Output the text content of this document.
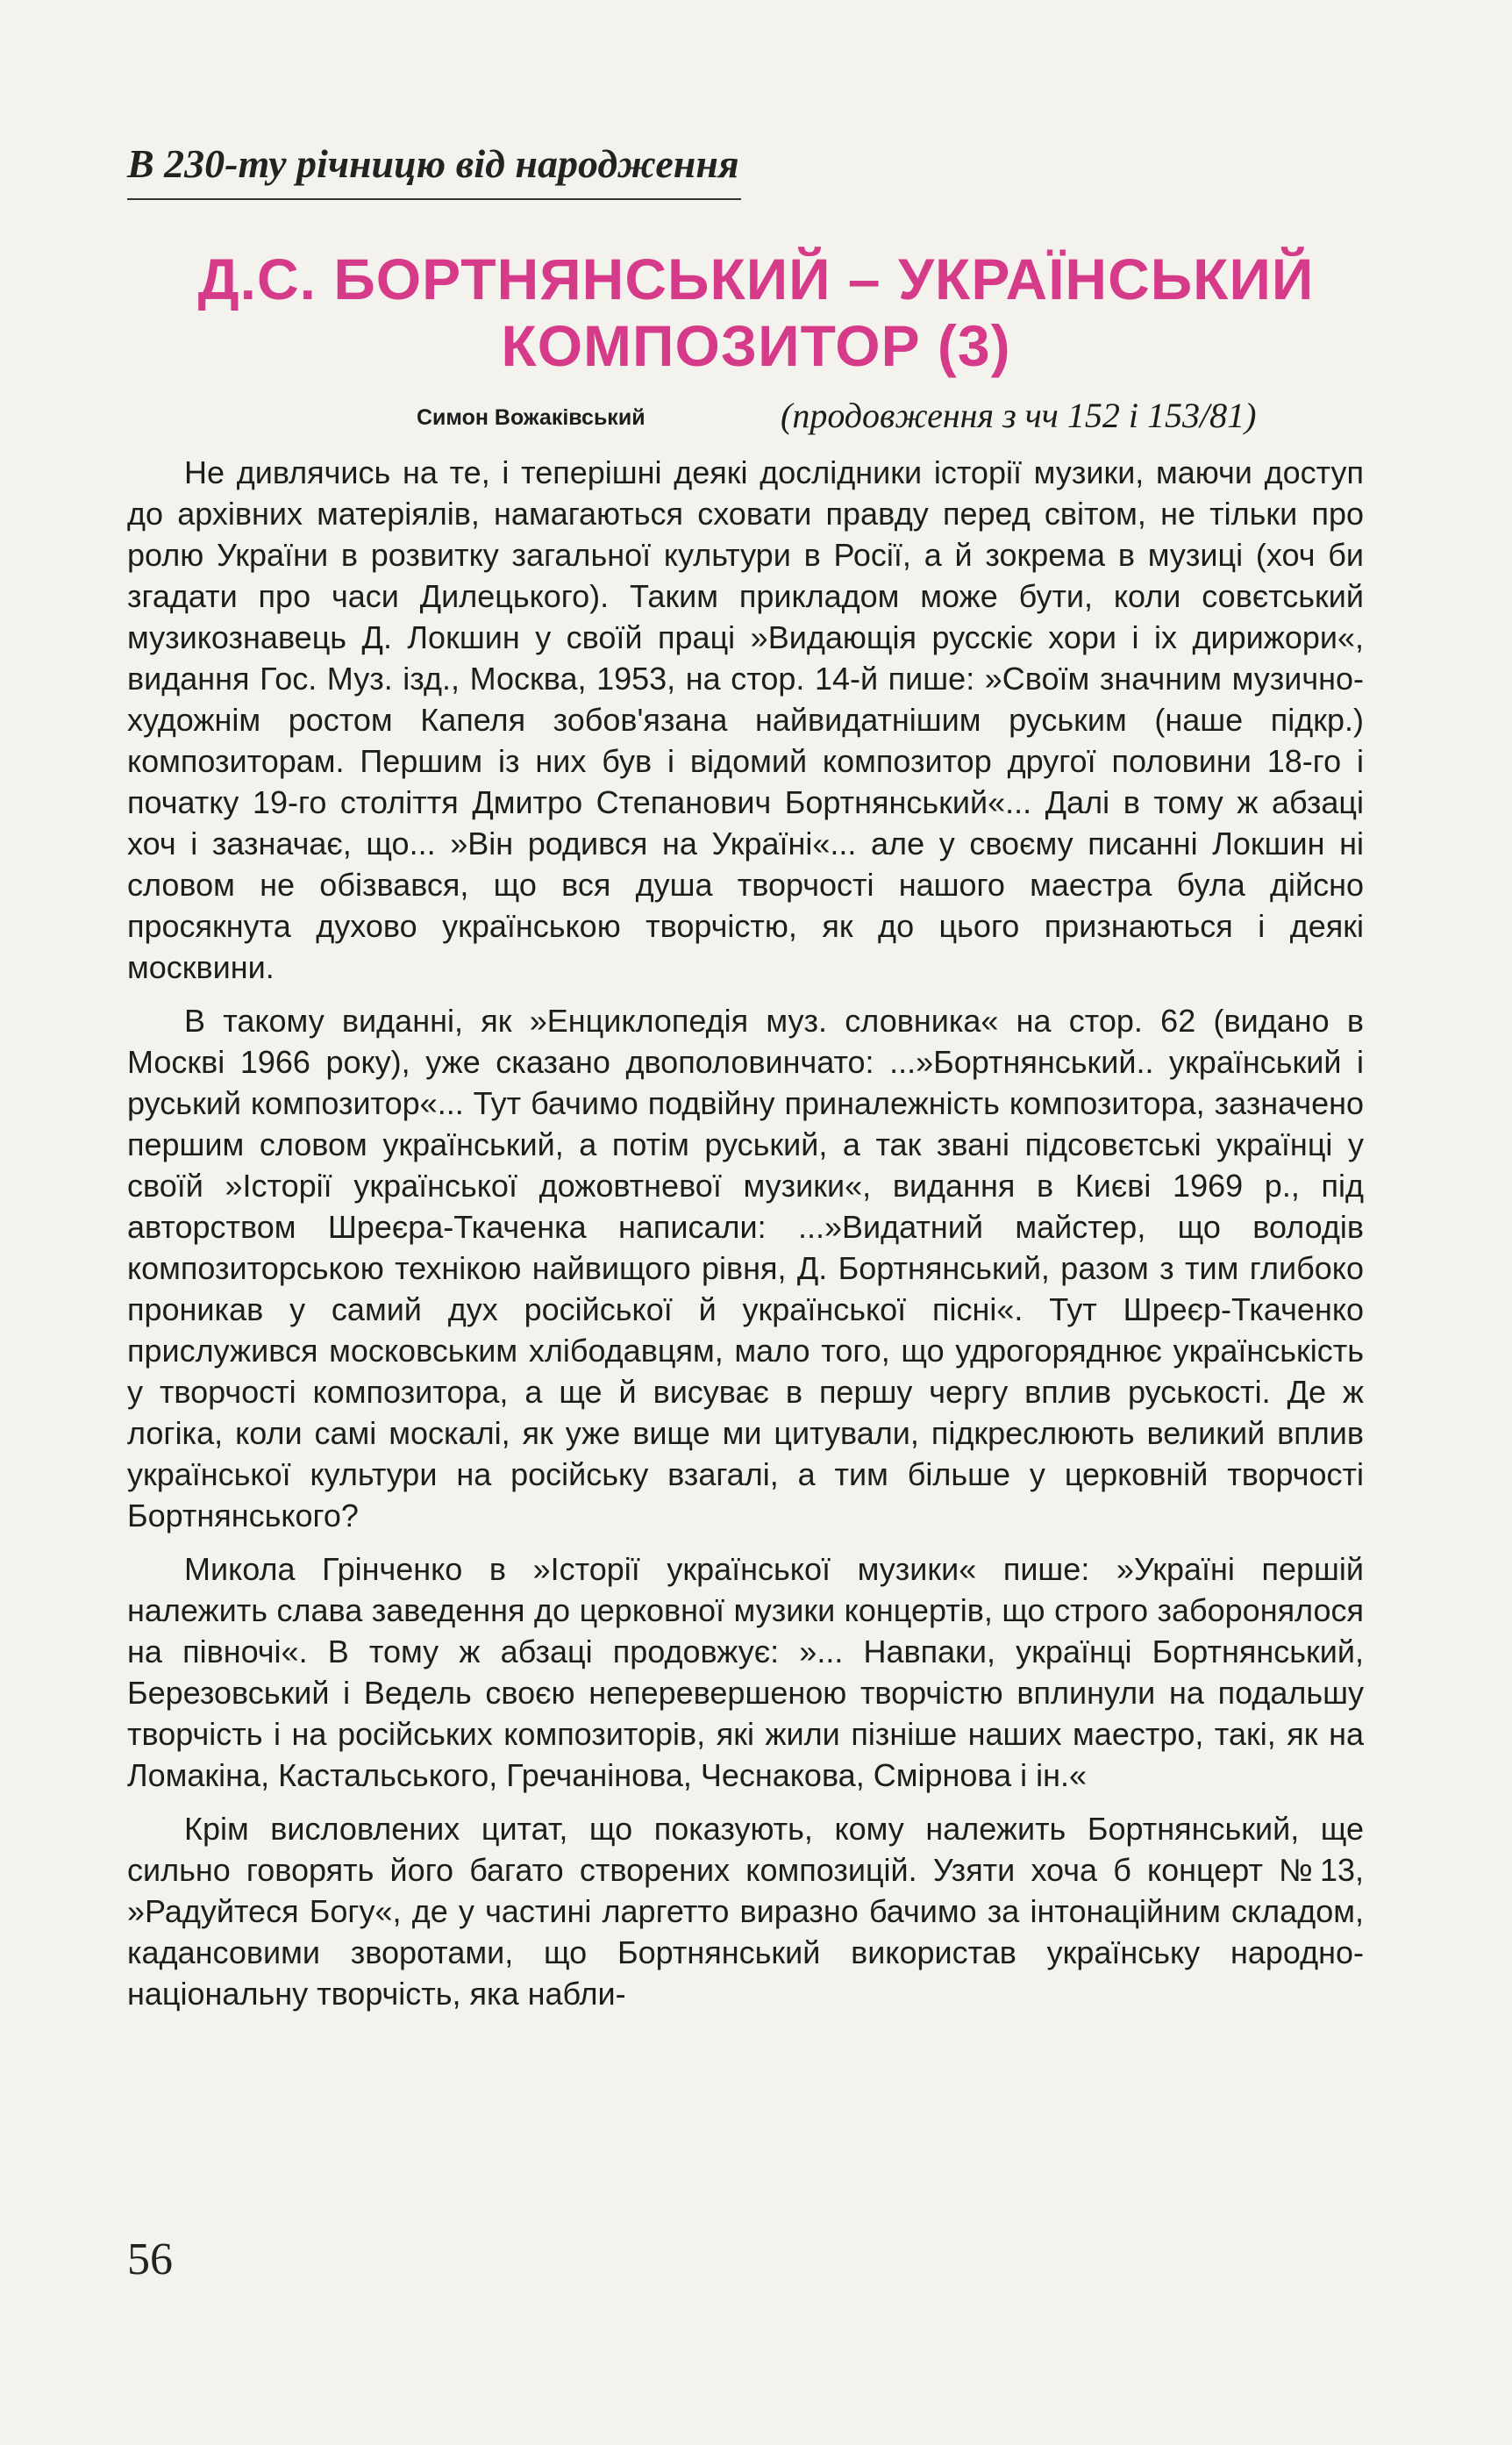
В 230-ту річницю від народження
Д.С. БОРТНЯНСЬКИЙ – УКРАЇНСЬКИЙ
КОМПОЗИТОР (3)
Симон Вожаківський	(продовження з чч 152 і 153/81)

Не дивлячись на те, і теперішні деякі дослідники історії музики, маючи доступ до архівних матеріялів, намагаються сховати правду перед світом, не тільки про ролю України в розвитку загальної культури в Росії, а й зокрема в музиці (хоч би згадати про часи Дилецького). Таким прикладом може бути, коли совєтський музикознавець Д. Локшин у своїй праці »Видающія русскіє хори і іх дирижори«, видання Гос. Муз. ізд., Москва, 1953, на стор. 14-й пише: »Своїм значним музично-художнім ростом Капеля зобов'язана найвидатнішим руським (наше підкр.) композиторам. Першим із них був і відомий композитор другої половини 18-го і початку 19-го століття Дмитро Степанович Бортнянський«... Далі в тому ж абзаці хоч і зазначає, що... »Він родився на Україні«... але у своєму писанні Локшин ні словом не обізвався, що вся душа творчості нашого маестра була дійсно просякнута духово українською творчістю, як до цього признаються і деякі москвини.

В такому виданні, як »Енциклопедія муз. словника« на стор. 62 (видано в Москві 1966 року), уже сказано двополовинчато: ...»Бортнянський.. український і руський композитор«... Тут бачимо подвійну приналежність композитора, зазначено першим словом український, а потім руський, а так звані підсовєтські українці у своїй »Історії української дожовтневої музики«, видання в Києві 1969 р., під авторством Шреєра-Ткаченка написали: ...»Видатний майстер, що володів композиторською технікою найвищого рівня, Д. Бортнянський, разом з тим глибоко проникав у самий дух російської й української пісні«. Тут Шреєр-Ткаченко прислужився московським хлібодавцям, мало того, що удрогоряднює українськість у творчості композитора, а ще й висуває в першу чергу вплив руськості. Де ж логіка, коли самі москалі, як уже вище ми цитували, підкреслюють великий вплив української культури на російську взагалі, а тим більше у церковній творчості Бортнянського?

Микола Грінченко в »Історії української музики« пише: »Україні першій належить слава заведення до церковної музики концертів, що строго заборонялося на півночі«. В тому ж абзаці продовжує: »... Навпаки, українці Бортнянський, Березовський і Ведель своєю неперевершеною творчістю вплинули на подальшу творчість і на російських композиторів, які жили пізніше наших маестро, такі, як на Ломакіна, Кастальського, Гречанінова, Чеснакова, Смірнова і ін.«

Крім висловлених цитат, що показують, кому належить Бортнянський, ще сильно говорять його багато створених композицій. Узяти хоча б концерт №13, »Радуйтеся Богу«, де у частині ларгетто виразно бачимо за інтонаційним складом, кадансовими зворотами, що Бортнянський використав українську народно-національну творчість, яка набли-

56
